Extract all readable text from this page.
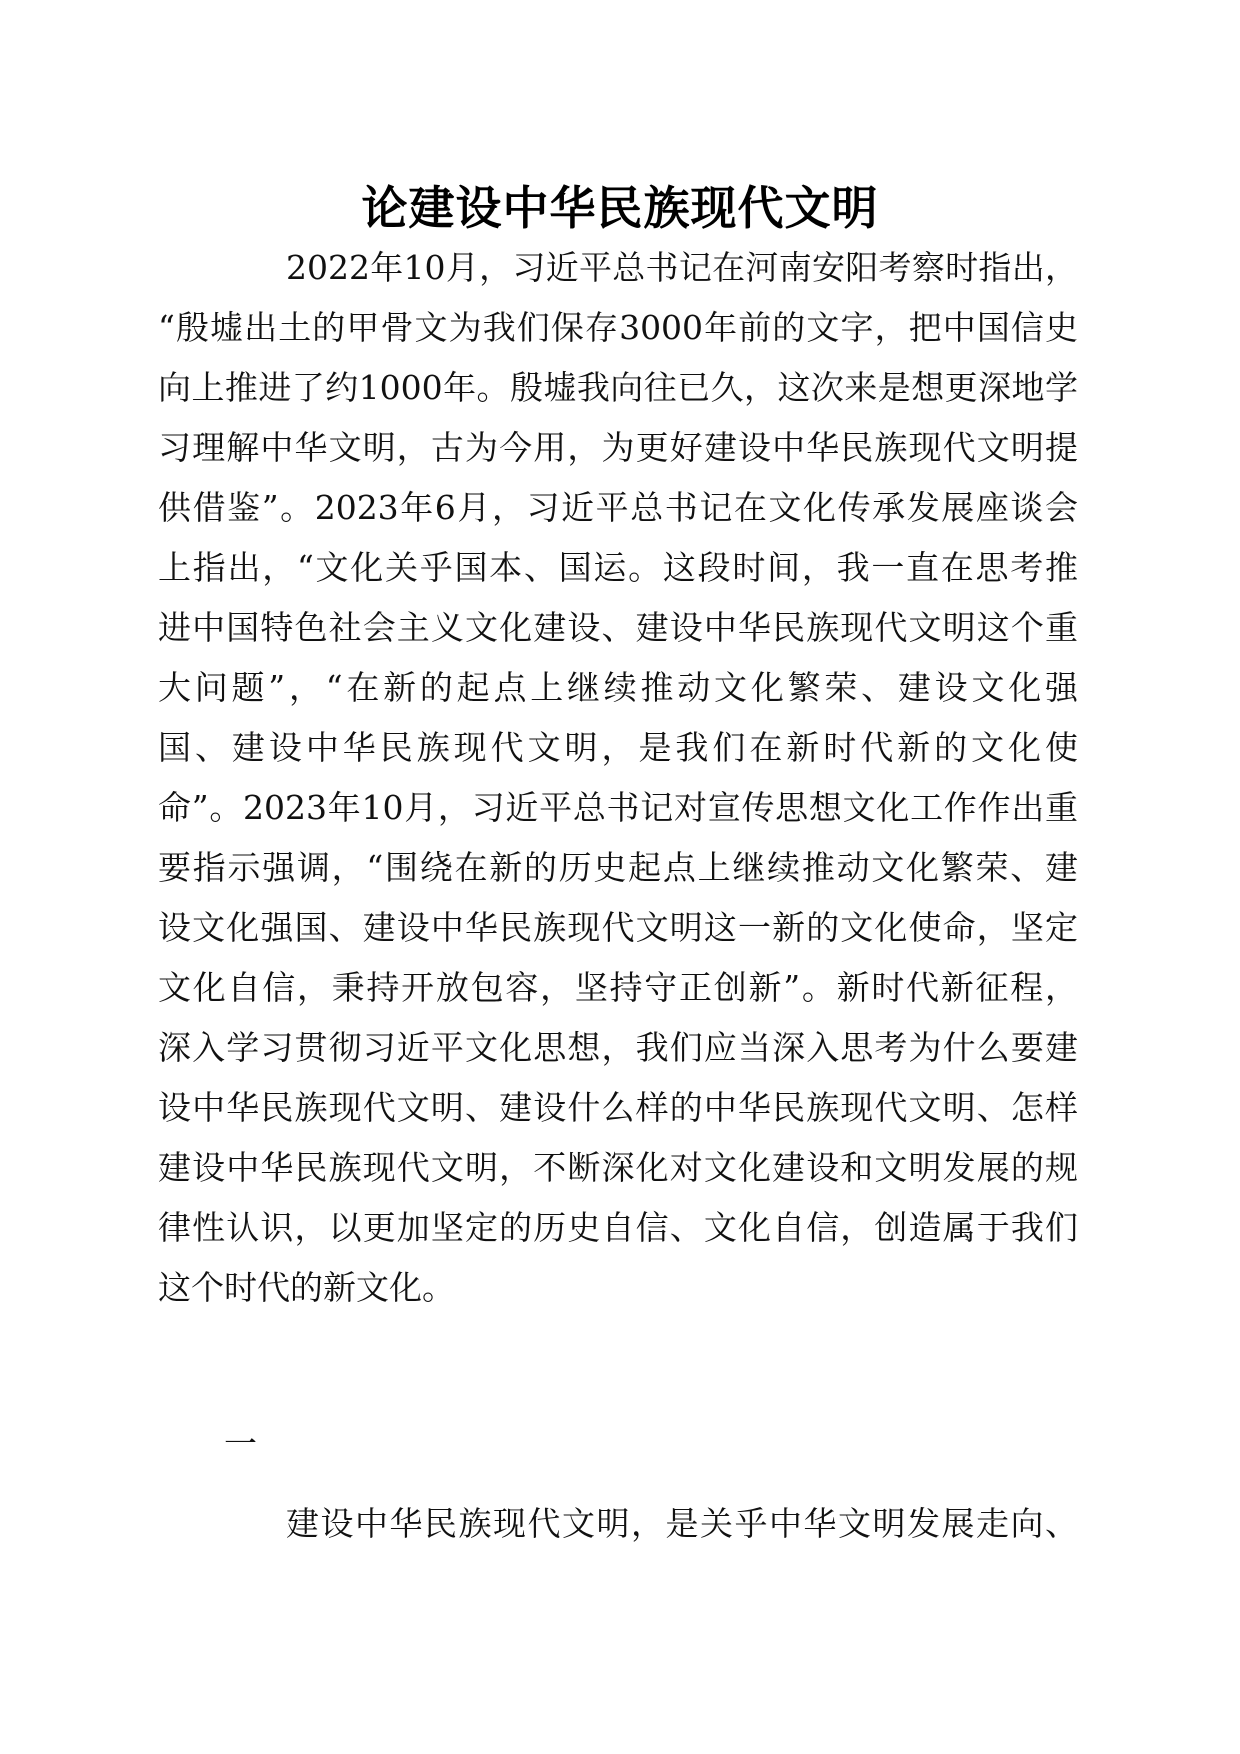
论建设中华民族现代文明
2022年10月，习近平总书记在河南安阳考察时指出，
“殷墟出土的甲骨文为我们保存3000年前的文字，把中国信史
向上推进了约1000年。殷墟我向往已久，这次来是想更深地学
习理解中华文明，古为今用，为更好建设中华民族现代文明提
供借鉴”。2023年6月，习近平总书记在文化传承发展座谈会
上指出，“文化关乎国本、国运。这段时间，我一直在思考推
进中国特色社会主义文化建设、建设中华民族现代文明这个重
大问题”，“在新的起点上继续推动文化繁荣、建设文化强
国、建设中华民族现代文明，是我们在新时代新的文化使
命”。2023年10月，习近平总书记对宣传思想文化工作作出重
要指示强调，“围绕在新的历史起点上继续推动文化繁荣、建
设文化强国、建设中华民族现代文明这一新的文化使命，坚定
文化自信，秉持开放包容，坚持守正创新”。新时代新征程，
深入学习贯彻习近平文化思想，我们应当深入思考为什么要建
设中华民族现代文明、建设什么样的中华民族现代文明、怎样
建设中华民族现代文明，不断深化对文化建设和文明发展的规
律性认识，以更加坚定的历史自信、文化自信，创造属于我们
这个时代的新文化。
一
建设中华民族现代文明，是关乎中华文明发展走向、
